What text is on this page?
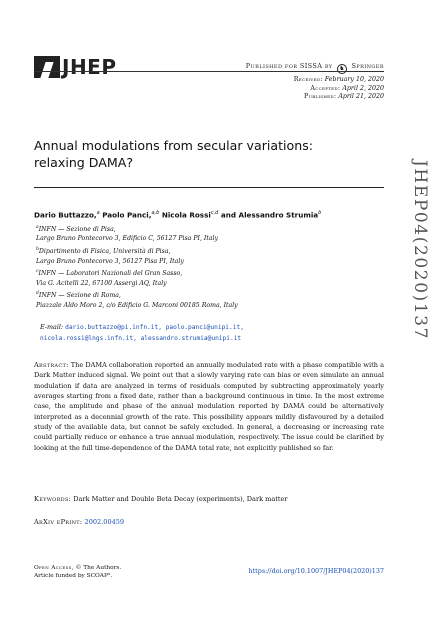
JHEP	Published for SISSA by ♞ Springer
Received: February 10, 2020
Accepted: April 2, 2020
Published: April 21, 2020
Annual modulations from secular variations: relaxing DAMA?
Dario Buttazzo,$^a$ Paolo Panci,$^{a,b}$ Nicola Rossi$^{c,d}$ and Alessandro Strumia$^b$
$^a$INFN — Sezione di Pisa,
Largo Bruno Pontecorvo 3, Edificio C, 56127 Pisa PI, Italy
$^b$Dipartimento di Fisica, Università di Pisa,
Largo Bruno Pontecorvo 3, 56127 Pisa PI, Italy
$^c$INFN — Laboratori Nazionali del Gran Sasso,
Via G. Acitelli 22, 67100 Assergi AQ, Italy
$^d$INFN — Sezione di Roma,
Piazzale Aldo Moro 2, c/o Edificio G. Marconi 00185 Roma, Italy
E-mail: dario.buttazzo@pi.infn.it, paolo.panci@unipi.it,
nicola.rossi@lngs.infn.it, alessandro.strumia@unipi.it
Abstract: The DAMA collaboration reported an annually modulated rate with a phase compatible with a Dark Matter induced signal. We point out that a slowly varying rate can bias or even simulate an annual modulation if data are analyzed in terms of residuals computed by subtracting approximately yearly averages starting from a fixed date, rather than a background continuous in time. In the most extreme case, the amplitude and phase of the annual modulation reported by DAMA could be alternatively interpreted as a decennial growth of the rate. This possibility appears mildly disfavoured by a detailed study of the available data, but cannot be safely excluded. In general, a decreasing or increasing rate could partially reduce or enhance a true annual modulation, respectively. The issue could be clarified by looking at the full time-dependence of the DAMA total rate, not explicitly published so far.
Keywords: Dark Matter and Double Beta Decay (experiments), Dark matter
ArXiv ePrint: 2002.00459
Open Access, © The Authors.
Article funded by SCOAP³.
https://doi.org/10.1007/JHEP04(2020)137
JHEP04(2020)137
